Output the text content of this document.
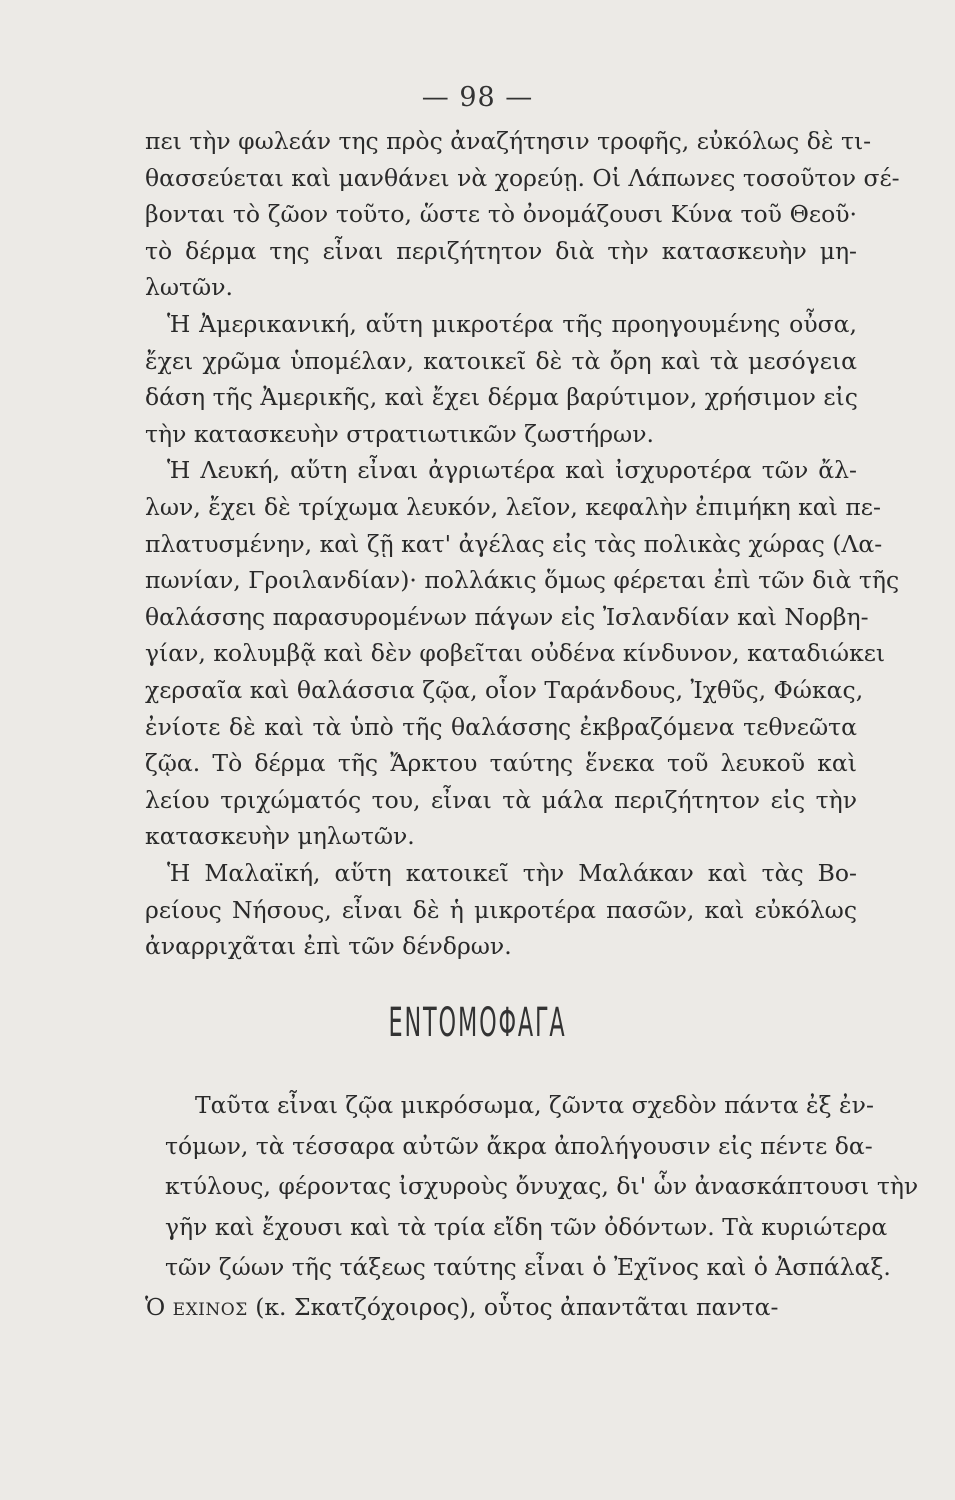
— 98 —
πει τὴν φωλεάν της πρὸς ἀναζήτησιν τροφῆς, εὐκόλως δὲ τι-
θασσεύεται καὶ μανθάνει νὰ χορεύῃ. Οἱ Λάπωνες τοσοῦτον σέ-
βονται τὸ ζῶον τοῦτο, ὥστε τὸ ὀνομάζουσι Κύνα τοῦ Θεοῦ·
τὸ δέρμα της εἶναι περιζήτητον διὰ τὴν κατασκευὴν μη-
λωτῶν.
Ἡ Ἀμερικανική, αὕτη μικροτέρα τῆς προηγουμένης οὖσα,
ἔχει χρῶμα ὑπομέλαν, κατοικεῖ δὲ τὰ ὄρη καὶ τὰ μεσόγεια
δάση τῆς Ἀμερικῆς, καὶ ἔχει δέρμα βαρύτιμον, χρήσιμον εἰς
τὴν κατασκευὴν στρατιωτικῶν ζωστήρων.
Ἡ Λευκή, αὕτη εἶναι ἀγριωτέρα καὶ ἰσχυροτέρα τῶν ἄλ-
λων, ἔχει δὲ τρίχωμα λευκόν, λεῖον, κεφαλὴν ἐπιμήκη καὶ πε-
πλατυσμένην, καὶ ζῇ κατ' ἀγέλας εἰς τὰς πολικὰς χώρας (Λα-
πωνίαν, Γροιλανδίαν)· πολλάκις ὅμως φέρεται ἐπὶ τῶν διὰ τῆς
θαλάσσης παρασυρομένων πάγων εἰς Ἰσλανδίαν καὶ Νορβη-
γίαν, κολυμβᾷ καὶ δὲν φοβεῖται οὐδένα κίνδυνον, καταδιώκει
χερσαῖα καὶ θαλάσσια ζῷα, οἷον Ταράνδους, Ἰχθῦς, Φώκας,
ἐνίοτε δὲ καὶ τὰ ὑπὸ τῆς θαλάσσης ἐκβραζόμενα τεθνεῶτα
ζῷα. Τὸ δέρμα τῆς Ἄρκτου ταύτης ἕνεκα τοῦ λευκοῦ καὶ
λείου τριχώματός του, εἶναι τὰ μάλα περιζήτητον εἰς τὴν
κατασκευὴν μηλωτῶν.
Ἡ Μαλαϊκή, αὕτη κατοικεῖ τὴν Μαλάκαν καὶ τὰς Βο-
ρείους Νήσους, εἶναι δὲ ἡ μικροτέρα πασῶν, καὶ εὐκόλως
ἀναρριχᾶται ἐπὶ τῶν δένδρων.
ΕΝΤΟΜΟΦΑΓΑ
Ταῦτα εἶναι ζῷα μικρόσωμα, ζῶντα σχεδὸν πάντα ἐξ ἐν-
τόμων, τὰ τέσσαρα αὐτῶν ἄκρα ἀπολήγουσιν εἰς πέντε δα-
κτύλους, φέροντας ἰσχυροὺς ὄνυχας, δι' ὧν ἀνασκάπτουσι τὴν
γῆν καὶ ἔχουσι καὶ τὰ τρία εἴδη τῶν ὀδόντων. Τὰ κυριώτερα
τῶν ζώων τῆς τάξεως ταύτης εἶναι ὁ Ἐχῖνος καὶ ὁ Ἀσπάλαξ.
Ὁ ΕΧΙΝΟΣ (κ. Σκατζόχοιρος), οὗτος ἀπαντᾶται παντα-
